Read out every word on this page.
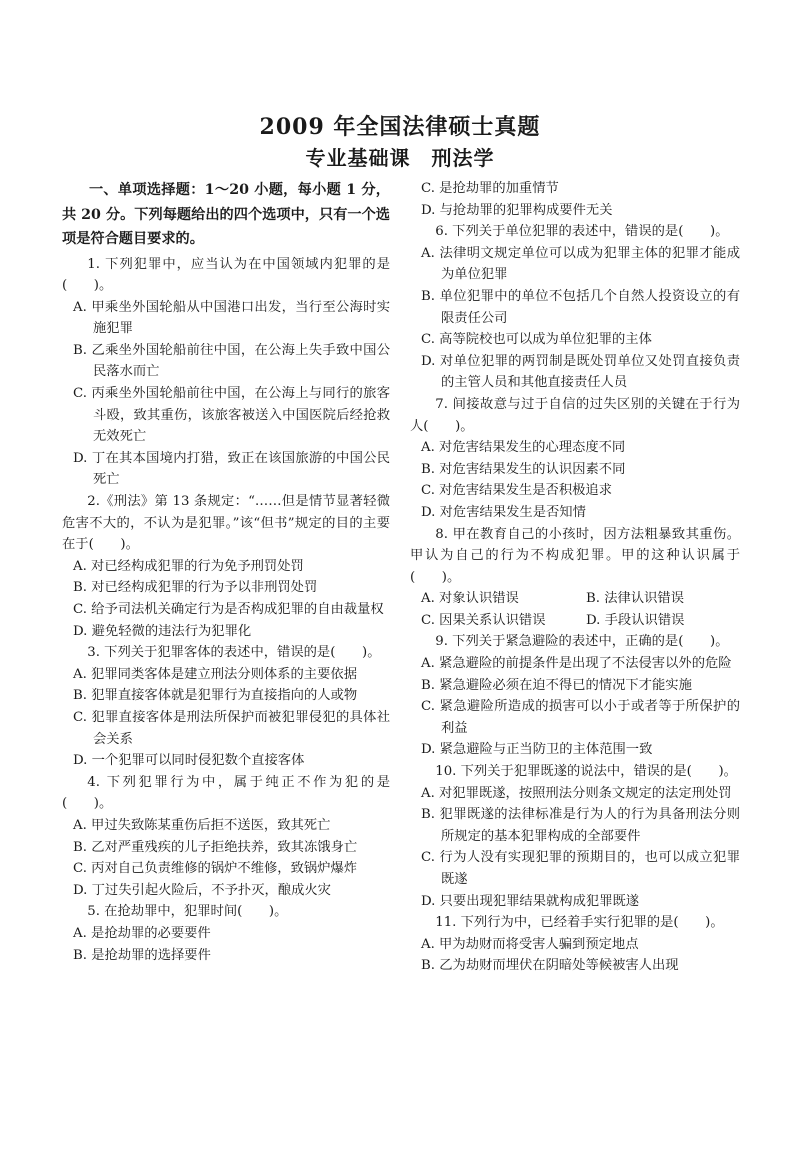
2009 年全国法律硕士真题
专业基础课　刑法学
一、单项选择题：1～20 小题，每小题 1 分，共 20 分。下列每题给出的四个选项中，只有一个选项是符合题目要求的。
1. 下列犯罪中，应当认为在中国领域内犯罪的是(　　)。
A. 甲乘坐外国轮船从中国港口出发，当行至公海时实施犯罪
B. 乙乘坐外国轮船前往中国，在公海上失手致中国公民落水而亡
C. 丙乘坐外国轮船前往中国，在公海上与同行的旅客斗殴，致其重伤，该旅客被送入中国医院后经抢救无效死亡
D. 丁在其本国境内打猎，致正在该国旅游的中国公民死亡
2.《刑法》第 13 条规定：“……但是情节显著轻微危害不大的，不认为是犯罪。”该“但书”规定的目的主要在于(　　)。
A. 对已经构成犯罪的行为免予刑罚处罚
B. 对已经构成犯罪的行为予以非刑罚处罚
C. 给予司法机关确定行为是否构成犯罪的自由裁量权
D. 避免轻微的违法行为犯罪化
3. 下列关于犯罪客体的表述中，错误的是(　　)。
A. 犯罪同类客体是建立刑法分则体系的主要依据
B. 犯罪直接客体就是犯罪行为直接指向的人或物
C. 犯罪直接客体是刑法所保护而被犯罪侵犯的具体社会关系
D. 一个犯罪可以同时侵犯数个直接客体
4. 下列犯罪行为中，属于纯正不作为犯的是(　　)。
A. 甲过失致陈某重伤后拒不送医，致其死亡
B. 乙对严重残疾的儿子拒绝扶养，致其冻饿身亡
C. 丙对自己负责维修的锅炉不维修，致锅炉爆炸
D. 丁过失引起火险后，不予扑灭，酿成火灾
5. 在抢劫罪中，犯罪时间(　　)。
A. 是抢劫罪的必要要件
B. 是抢劫罪的选择要件
C. 是抢劫罪的加重情节
D. 与抢劫罪的犯罪构成要件无关
6. 下列关于单位犯罪的表述中，错误的是(　　)。
A. 法律明文规定单位可以成为犯罪主体的犯罪才能成为单位犯罪
B. 单位犯罪中的单位不包括几个自然人投资设立的有限责任公司
C. 高等院校也可以成为单位犯罪的主体
D. 对单位犯罪的两罚制是既处罚单位又处罚直接负责的主管人员和其他直接责任人员
7. 间接故意与过于自信的过失区别的关键在于行为人(　　)。
A. 对危害结果发生的心理态度不同
B. 对危害结果发生的认识因素不同
C. 对危害结果发生是否积极追求
D. 对危害结果发生是否知情
8. 甲在教育自己的小孩时，因方法粗暴致其重伤。甲认为自己的行为不构成犯罪。甲的这种认识属于(　　)。
A. 对象认识错误	B. 法律认识错误
C. 因果关系认识错误	D. 手段认识错误
9. 下列关于紧急避险的表述中，正确的是(　　)。
A. 紧急避险的前提条件是出现了不法侵害以外的危险
B. 紧急避险必须在迫不得已的情况下才能实施
C. 紧急避险所造成的损害可以小于或者等于所保护的利益
D. 紧急避险与正当防卫的主体范围一致
10. 下列关于犯罪既遂的说法中，错误的是(　　)。
A. 对犯罪既遂，按照刑法分则条文规定的法定刑处罚
B. 犯罪既遂的法律标准是行为人的行为具备刑法分则所规定的基本犯罪构成的全部要件
C. 行为人没有实现犯罪的预期目的，也可以成立犯罪既遂
D. 只要出现犯罪结果就构成犯罪既遂
11. 下列行为中，已经着手实行犯罪的是(　　)。
A. 甲为劫财而将受害人骗到预定地点
B. 乙为劫财而埋伏在阴暗处等候被害人出现
